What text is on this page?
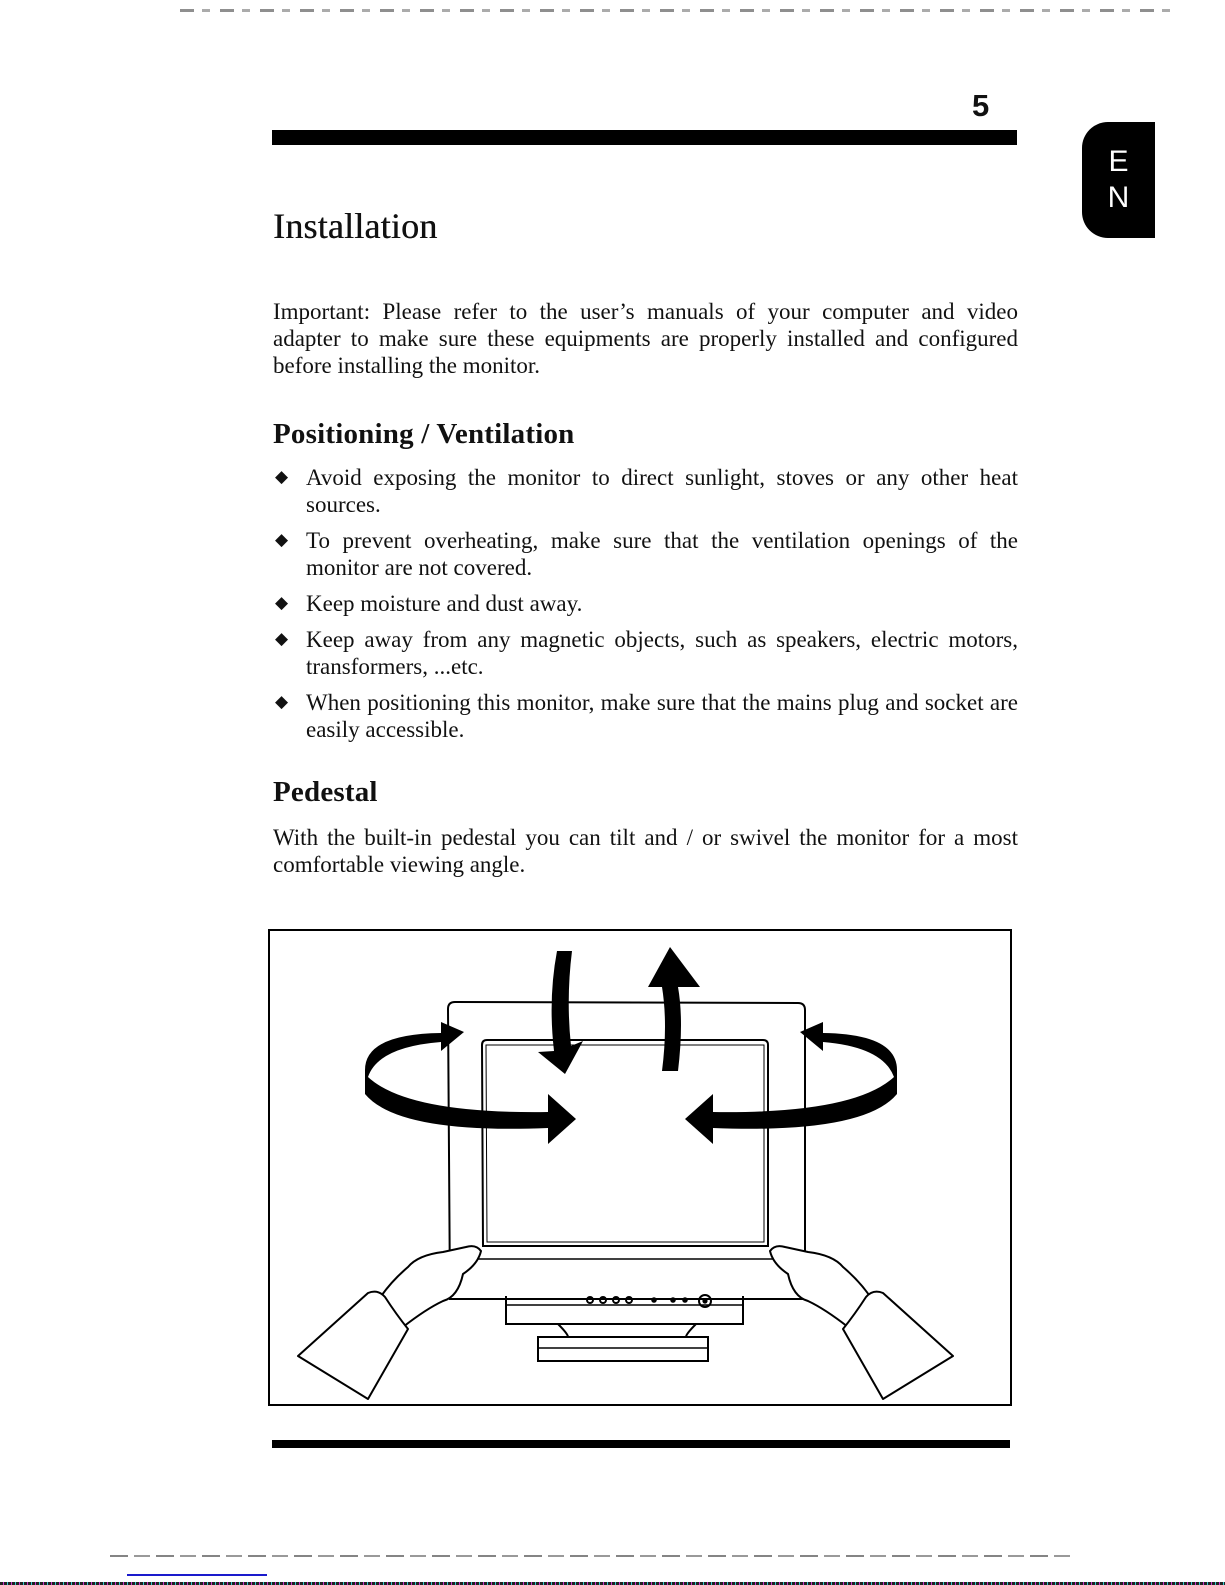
5
E
N
Installation

Important: Please refer to the user’s manuals of your computer and video adapter to make sure these equipments are properly installed and configured before installing the monitor.

Positioning / Ventilation
◆ Avoid exposing the monitor to direct sunlight, stoves or any other heat sources.
◆ To prevent overheating, make sure that the ventilation openings of the monitor are not covered.
◆ Keep moisture and dust away.
◆ Keep away from any magnetic objects, such as speakers, electric motors, transformers, ...etc.
◆ When positioning this monitor, make sure that the mains plug and socket are easily accessible.
Pedestal

With the built-in pedestal you can tilt and / or swivel the monitor for a most comfortable viewing angle.
